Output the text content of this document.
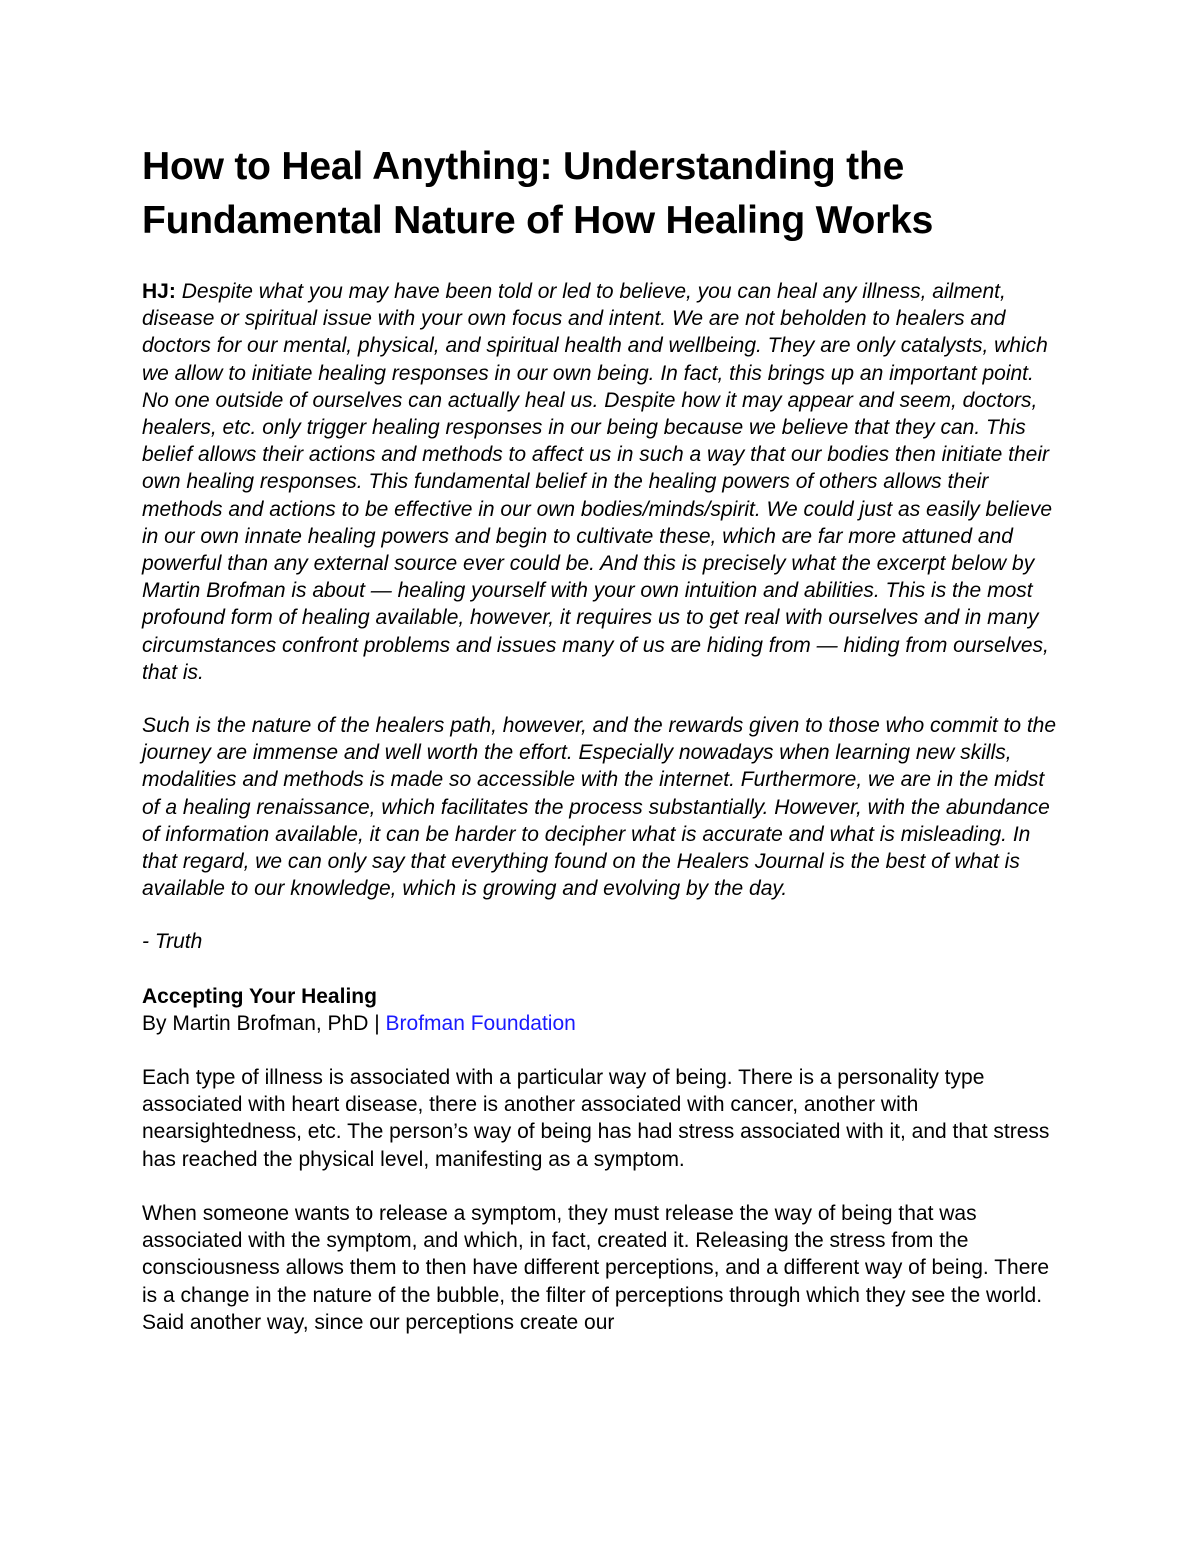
How to Heal Anything: Understanding the
Fundamental Nature of How Healing Works

HJ: Despite what you may have been told or led to believe, you can heal any illness, ailment, disease or spiritual issue with your own focus and intent. We are not beholden to healers and doctors for our mental, physical, and spiritual health and wellbeing. They are only catalysts, which we allow to initiate healing responses in our own being. In fact, this brings up an important point. No one outside of ourselves can actually heal us. Despite how it may appear and seem, doctors, healers, etc. only trigger healing responses in our being because we believe that they can. This belief allows their actions and methods to affect us in such a way that our bodies then initiate their own healing responses. This fundamental belief in the healing powers of others allows their methods and actions to be effective in our own bodies/minds/spirit. We could just as easily believe in our own innate healing powers and begin to cultivate these, which are far more attuned and powerful than any external source ever could be. And this is precisely what the excerpt below by Martin Brofman is about — healing yourself with your own intuition and abilities. This is the most profound form of healing available, however, it requires us to get real with ourselves and in many circumstances confront problems and issues many of us are hiding from — hiding from ourselves, that is.

Such is the nature of the healers path, however, and the rewards given to those who commit to the journey are immense and well worth the effort. Especially nowadays when learning new skills, modalities and methods is made so accessible with the internet. Furthermore, we are in the midst of a healing renaissance, which facilitates the process substantially. However, with the abundance of information available, it can be harder to decipher what is accurate and what is misleading. In that regard, we can only say that everything found on the Healers Journal is the best of what is available to our knowledge, which is growing and evolving by the day.

- Truth

Accepting Your Healing

By Martin Brofman, PhD | Brofman Foundation

Each type of illness is associated with a particular way of being. There is a personality type associated with heart disease, there is another associated with cancer, another with nearsightedness, etc. The person’s way of being has had stress associated with it, and that stress has reached the physical level, manifesting as a symptom.

When someone wants to release a symptom, they must release the way of being that was associated with the symptom, and which, in fact, created it. Releasing the stress from the consciousness allows them to then have different perceptions, and a different way of being. There is a change in the nature of the bubble, the filter of perceptions through which they see the world. Said another way, since our perceptions create our
